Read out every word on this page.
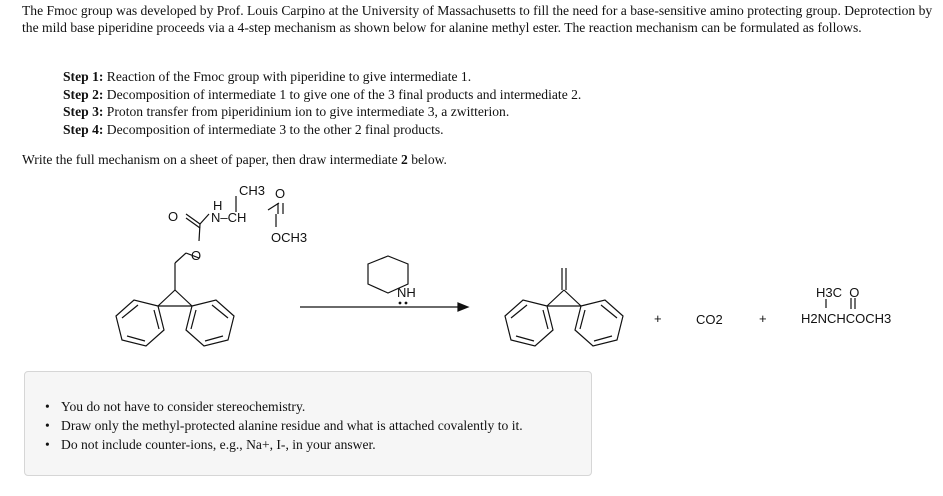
The Fmoc group was developed by Prof. Louis Carpino at the University of Massachusetts to fill the need for a base-sensitive amino protecting group. Deprotection by the mild base piperidine proceeds via a 4-step mechanism as shown below for alanine methyl ester. The reaction mechanism can be formulated as follows.
Step 1: Reaction of the Fmoc group with piperidine to give intermediate 1.
Step 2: Decomposition of intermediate 1 to give one of the 3 final products and intermediate 2.
Step 3: Proton transfer from piperidinium ion to give intermediate 3, a zwitterion.
Step 4: Decomposition of intermediate 3 to the other 2 final products.
Write the full mechanism on a sheet of paper, then draw intermediate 2 below.
CH3 O
H
N–CH
O
OCH3
O
NH
+	CO2	+
H3C  O
H2NCHCOCH3
• You do not have to consider stereochemistry.
• Draw only the methyl-protected alanine residue and what is attached covalently to it.
• Do not include counter-ions, e.g., Na+, I-, in your answer.
